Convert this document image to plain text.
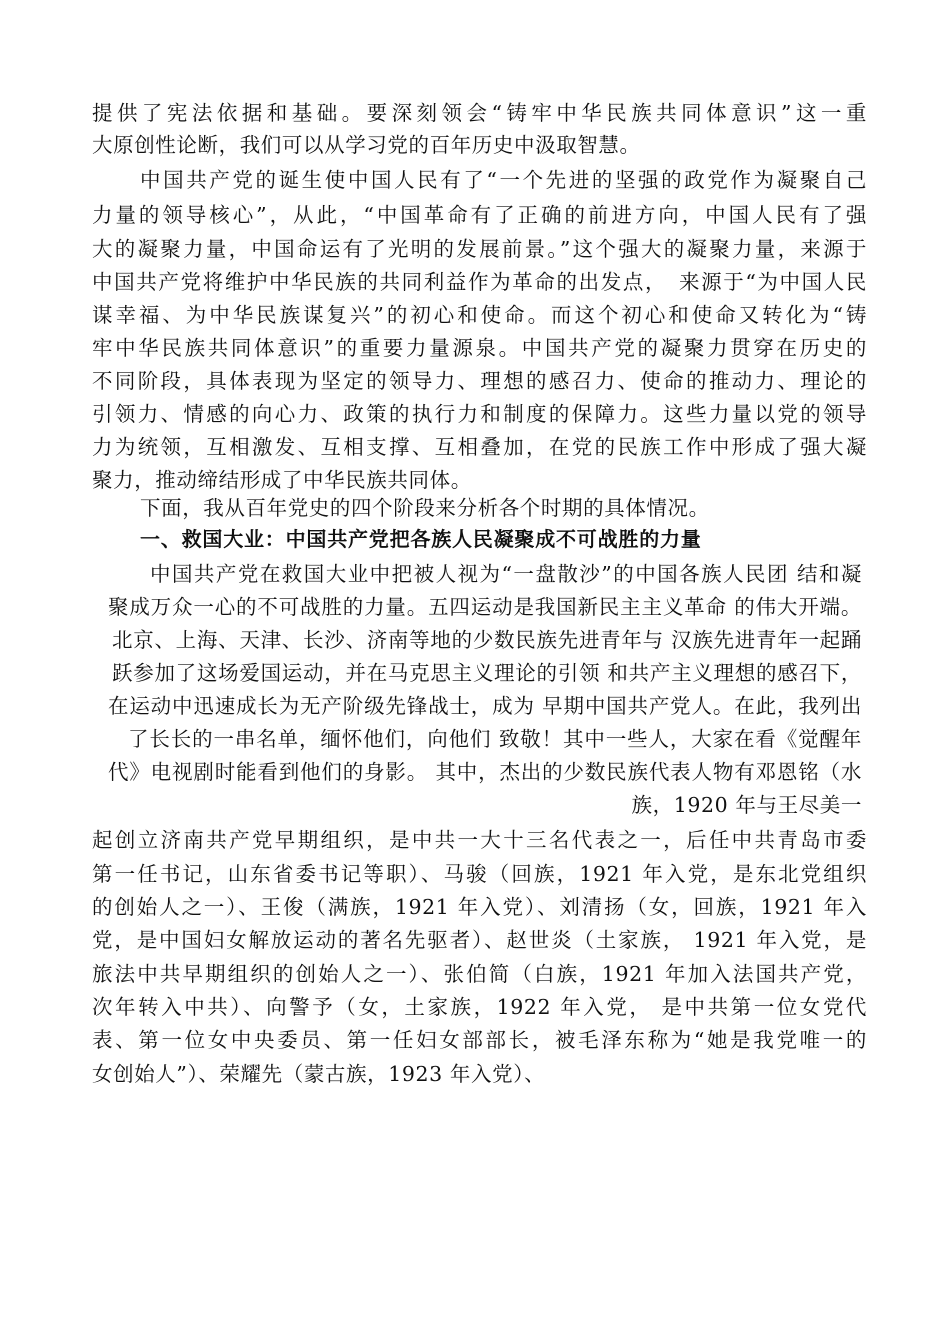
提供了宪法依据和基础。要深刻领会“铸牢中华民族共同体意识”这一重
大原创性论断，我们可以从学习党的百年历史中汲取智慧。
中国共产党的诞生使中国人民有了“一个先进的坚强的政党作为凝聚自己
力量的领导核心”，从此，“中国革命有了正确的前进方向，中国人民有了强
大的凝聚力量，中国命运有了光明的发展前景。”这个强大的凝聚力量，来源于
中国共产党将维护中华民族的共同利益作为革命的出发点，　来源于“为中国人民
谋幸福、为中华民族谋复兴”的初心和使命。而这个初心和使命又转化为“铸
牢中华民族共同体意识”的重要力量源泉。中国共产党的凝聚力贯穿在历史的
不同阶段，具体表现为坚定的领导力、理想的感召力、使命的推动力、理论的
引领力、情感的向心力、政策的执行力和制度的保障力。这些力量以党的领导
力为统领，互相激发、互相支撑、互相叠加，在党的民族工作中形成了强大凝
聚力，推动缔结形成了中华民族共同体。
下面，我从百年党史的四个阶段来分析各个时期的具体情况。
一、救国大业：中国共产党把各族人民凝聚成不可战胜的力量
中国共产党在救国大业中把被人视为“一盘散沙”的中国各族人民团 结和凝
聚成万众一心的不可战胜的力量。五四运动是我国新民主主义革命 的伟大开端。
北京、上海、天津、长沙、济南等地的少数民族先进青年与 汉族先进青年一起踊
跃参加了这场爱国运动，并在马克思主义理论的引领 和共产主义理想的感召下，
在运动中迅速成长为无产阶级先锋战士，成为 早期中国共产党人。在此，我列出
了长长的一串名单，缅怀他们，向他们 致敬！其中一些人，大家在看《觉醒年
代》电视剧时能看到他们的身影。 其中，杰出的少数民族代表人物有邓恩铭（水
族，1920 年与王尽美一
起创立济南共产党早期组织，是中共一大十三名代表之一，后任中共青岛市委
第一任书记，山东省委书记等职）、马骏（回族，1921 年入党，是东北党组织
的创始人之一）、王俊（满族，1921 年入党）、刘清扬（女，回族，1921 年入
党，是中国妇女解放运动的著名先驱者）、赵世炎（土家族， 1921 年入党，是
旅法中共早期组织的创始人之一）、张伯简（白族，1921 年加入法国共产党，
次年转入中共）、向警予（女，土家族，1922 年入党， 是中共第一位女党代
表、第一位女中央委员、第一任妇女部部长，被毛泽东称为“她是我党唯一的
女创始人”）、荣耀先（蒙古族，1923 年入党）、
